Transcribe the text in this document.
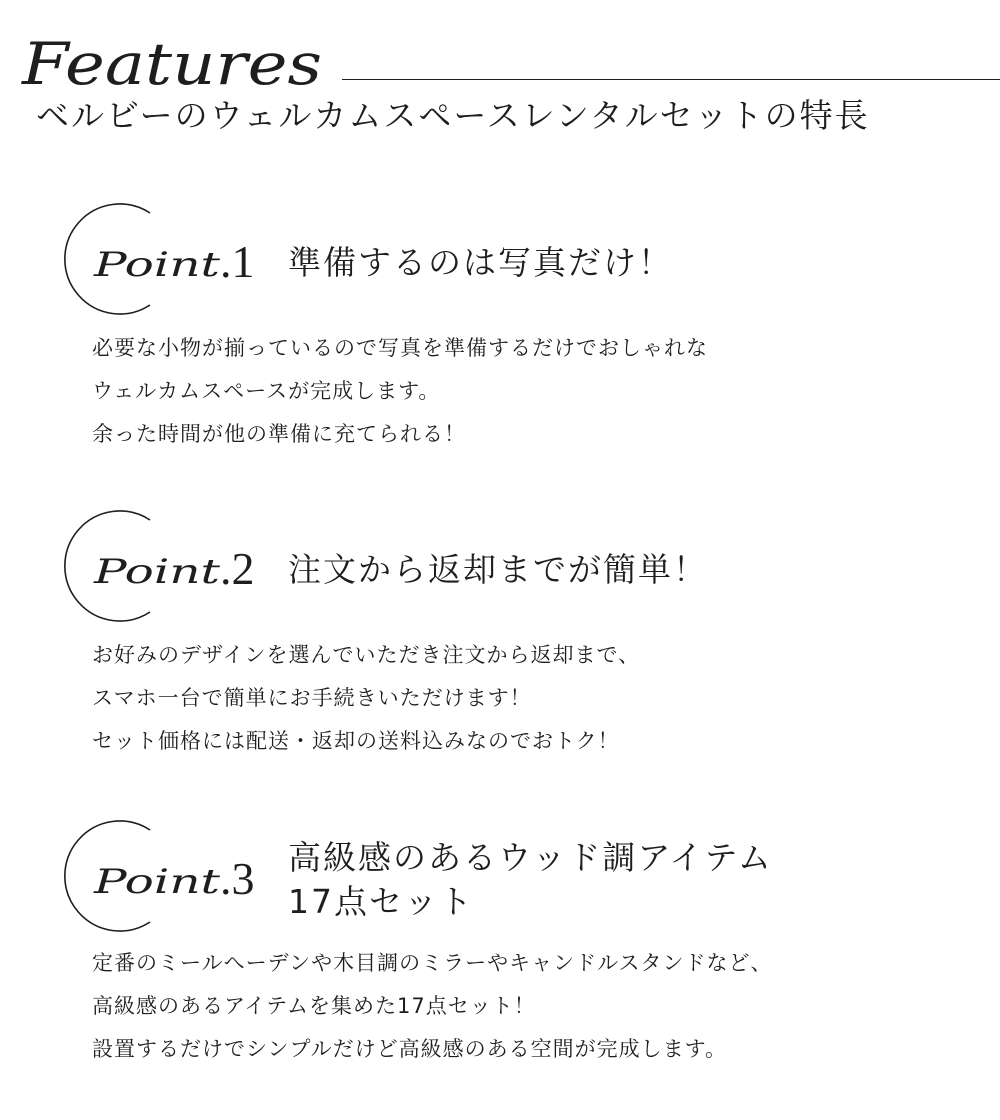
Features
ベルビーのウェルカムスペースレンタルセットの特長
Point .1 準備するのは写真だけ！
必要な小物が揃っているので写真を準備するだけでおしゃれな
ウェルカムスペースが完成します。
余った時間が他の準備に充てられる！
Point .2 注文から返却までが簡単！
お好みのデザインを選んでいただき注文から返却まで、
スマホ一台で簡単にお手続きいただけます！
セット価格には配送・返却の送料込みなのでおトク！
Point .3 高級感のあるウッド調アイテム
17点セット
定番のミールへーデンや木目調のミラーやキャンドルスタンドなど、
高級感のあるアイテムを集めた17点セット！
設置するだけでシンプルだけど高級感のある空間が完成します。
